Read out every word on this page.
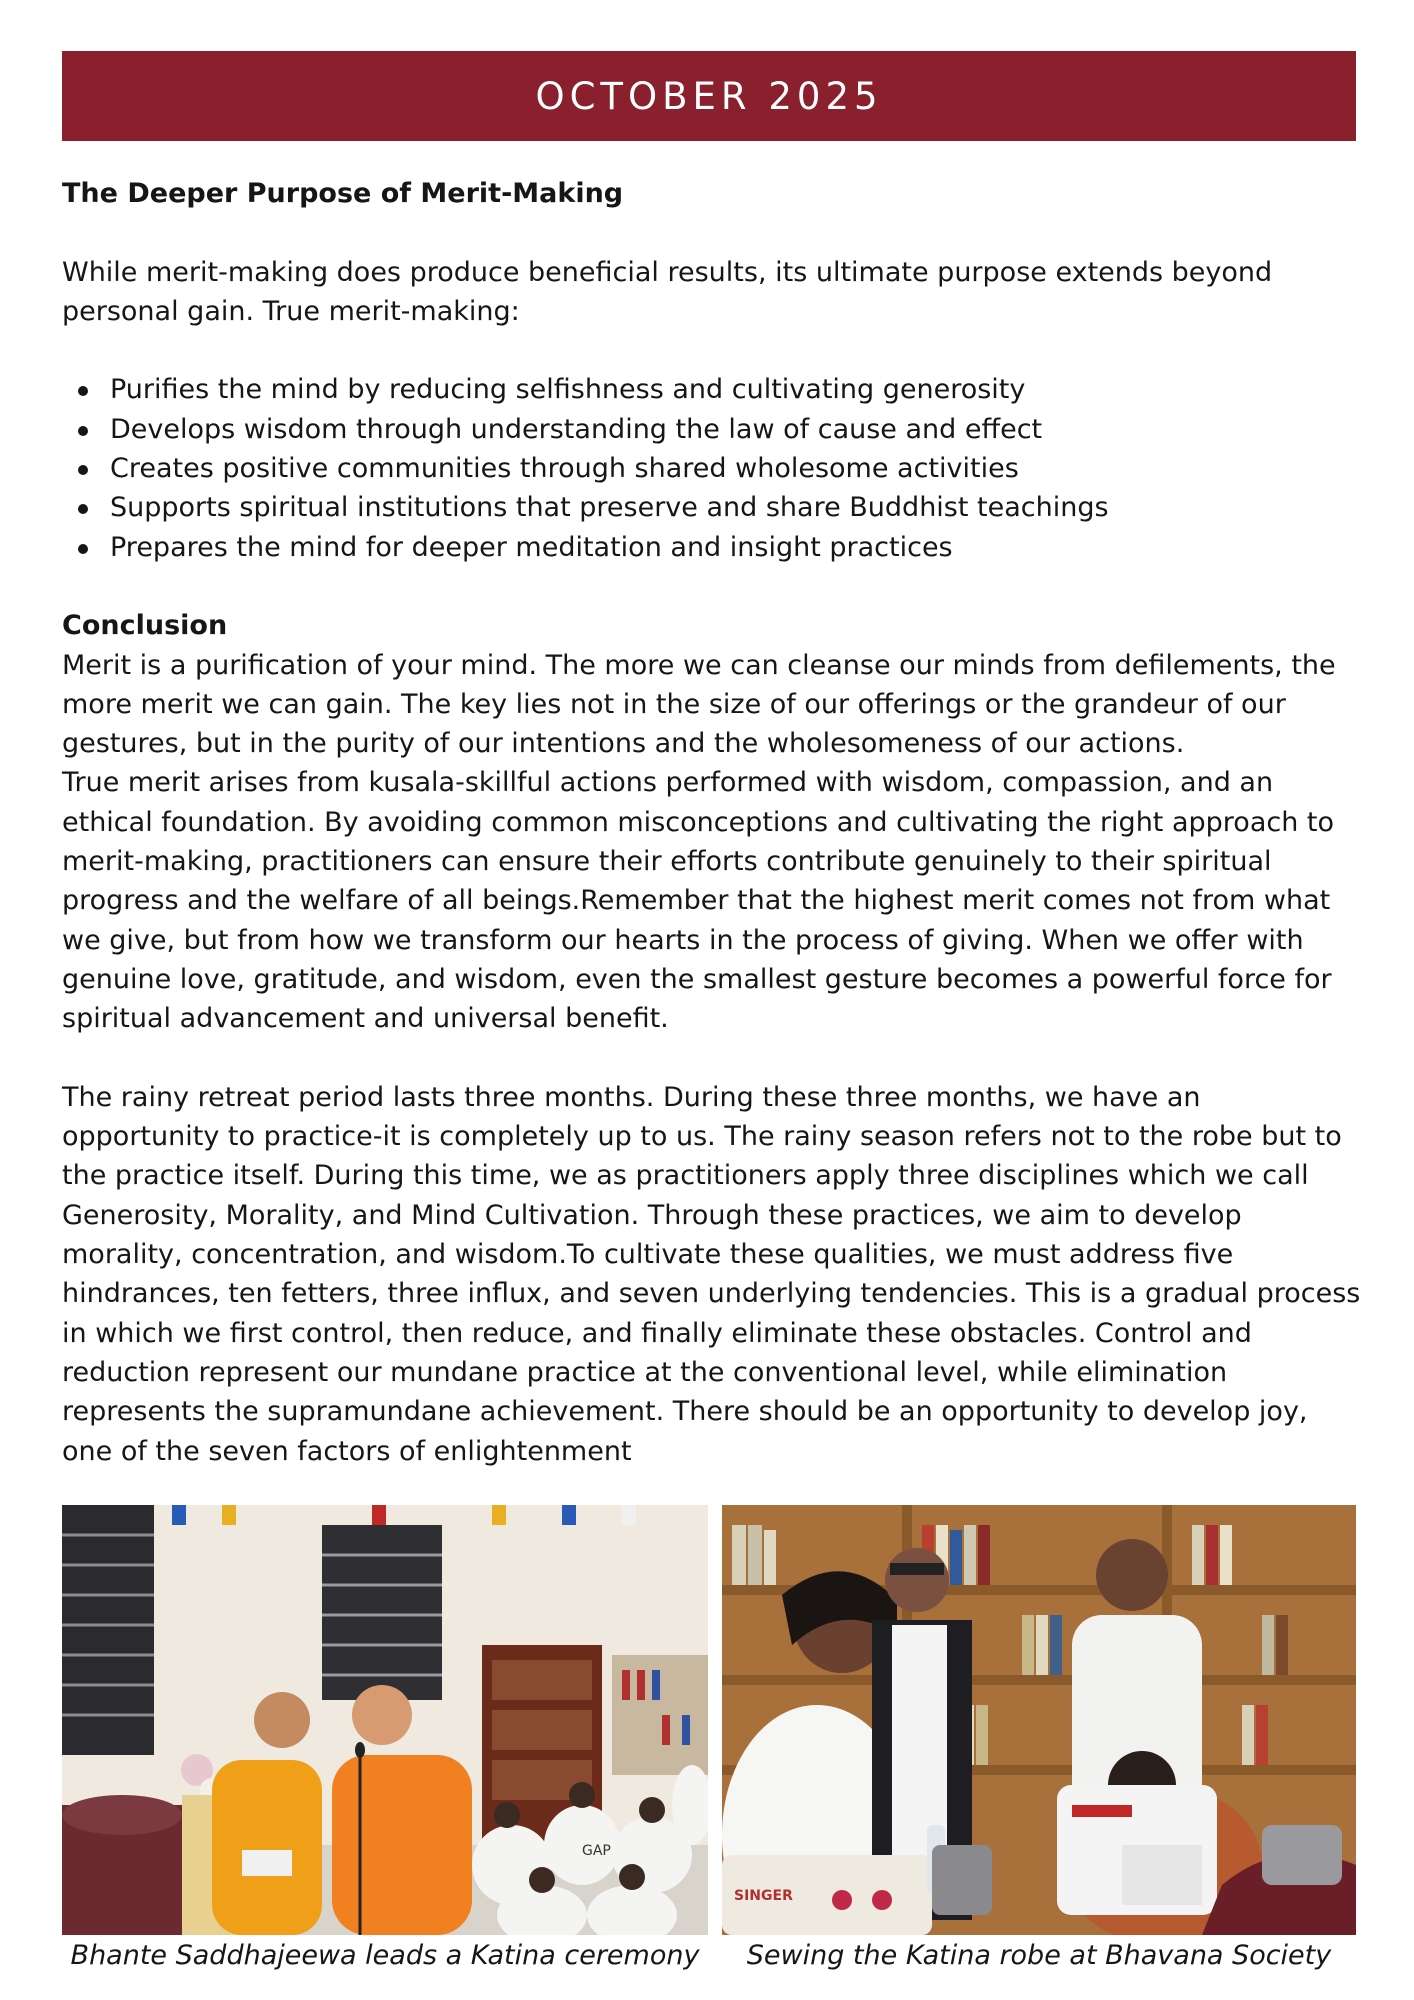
OCTOBER 2025
The Deeper Purpose of Merit-Making

While merit-making does produce beneficial results, its ultimate purpose extends beyond personal gain. True merit-making:

Purifies the mind by reducing selfishness and cultivating generosity
Develops wisdom through understanding the law of cause and effect
Creates positive communities through shared wholesome activities
Supports spiritual institutions that preserve and share Buddhist teachings
Prepares the mind for deeper meditation and insight practices
Conclusion

Merit is a purification of your mind. The more we can cleanse our minds from defilements, the more merit we can gain. The key lies not in the size of our offerings or the grandeur of our gestures, but in the purity of our intentions and the wholesomeness of our actions.

True merit arises from kusala-skillful actions performed with wisdom, compassion, and an ethical foundation. By avoiding common misconceptions and cultivating the right approach to merit-making, practitioners can ensure their efforts contribute genuinely to their spiritual progress and the welfare of all beings.Remember that the highest merit comes not from what we give, but from how we transform our hearts in the process of giving. When we offer with genuine love, gratitude, and wisdom, even the smallest gesture becomes a powerful force for spiritual advancement and universal benefit.

The rainy retreat period lasts three months. During these three months, we have an opportunity to practice-it is completely up to us. The rainy season refers not to the robe but to the practice itself. During this time, we as practitioners apply three disciplines which we call Generosity, Morality, and Mind Cultivation. Through these practices, we aim to develop morality, concentration, and wisdom.To cultivate these qualities, we must address five hindrances, ten fetters, three influx, and seven underlying tendencies. This is a gradual process in which we first control, then reduce, and finally eliminate these obstacles. Control and reduction represent our mundane practice at the conventional level, while elimination represents the supramundane achievement. There should be an opportunity to develop joy, one of the seven factors of enlightenment

GAP
SINGER
Bhante Saddhajeewa leads a Katina ceremony	Sewing the Katina robe at Bhavana Society
